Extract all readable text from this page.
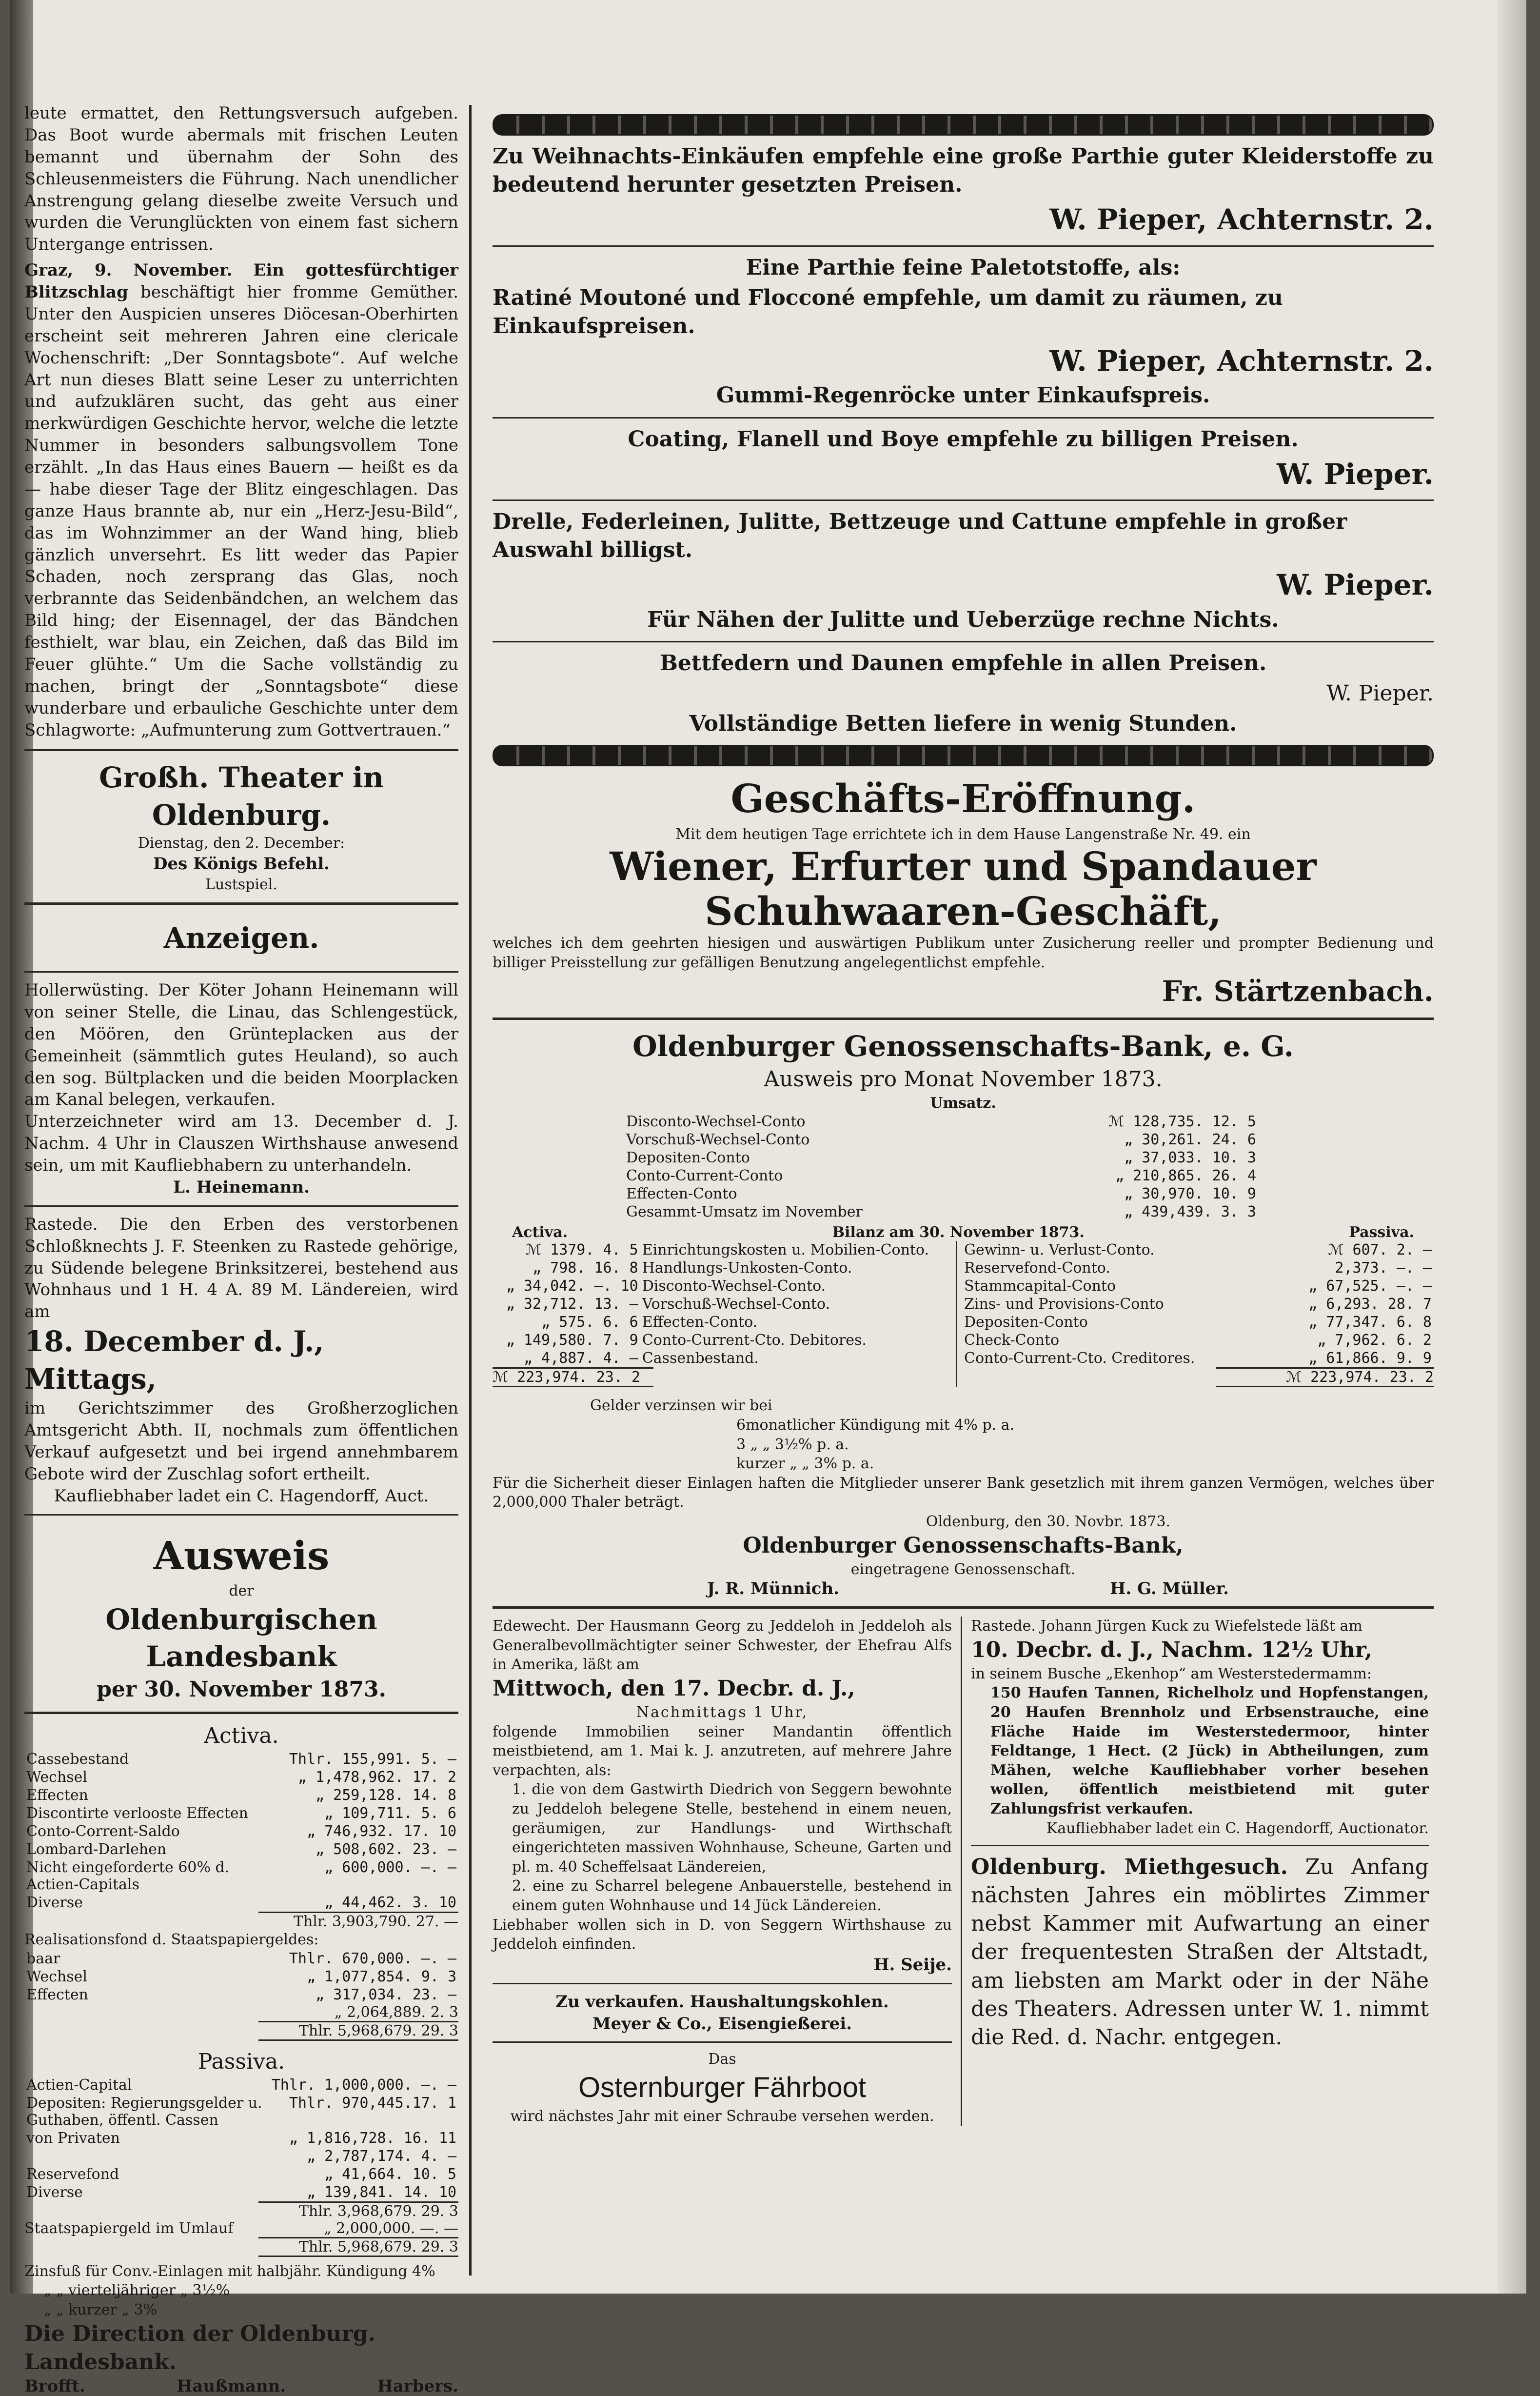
leute ermattet, den Rettungsversuch aufgeben. Das Boot wurde abermals mit frischen Leuten bemannt und übernahm der Sohn des Schleusenmeisters die Führung. Nach unendlicher Anstrengung gelang dieselbe zweite Versuch und wurden die Verunglückten von einem fast sichern Untergange entrissen.

Graz, 9. November. Ein gottesfürchtiger Blitzschlag beschäftigt hier fromme Gemüther. Unter den Auspicien unseres Diöcesan-Oberhirten erscheint seit mehreren Jahren eine clericale Wochenschrift: „Der Sonntagsbote“. Auf welche Art nun dieses Blatt seine Leser zu unterrichten und aufzuklären sucht, das geht aus einer merkwürdigen Geschichte hervor, welche die letzte Nummer in besonders salbungsvollem Tone erzählt. „In das Haus eines Bauern — heißt es da — habe dieser Tage der Blitz eingeschlagen. Das ganze Haus brannte ab, nur ein „Herz-Jesu-Bild“, das im Wohnzimmer an der Wand hing, blieb gänzlich unversehrt. Es litt weder das Papier Schaden, noch zersprang das Glas, noch verbrannte das Seidenbändchen, an welchem das Bild hing; der Eisennagel, der das Bändchen festhielt, war blau, ein Zeichen, daß das Bild im Feuer glühte.“ Um die Sache vollständig zu machen, bringt der „Sonntagsbote“ diese wunderbare und erbauliche Geschichte unter dem Schlagworte: „Aufmunterung zum Gottvertrauen.“

Großh. Theater in Oldenburg.

Dienstag, den 2. December:

Des Königs Befehl.

Lustspiel.

Anzeigen.

Hollerwüsting. Der Köter Johann Heinemann will von seiner Stelle, die Linau, das Schlengestück, den Möören, den Grünteplacken aus der Gemeinheit (sämmtlich gutes Heuland), so auch den sog. Bültplacken und die beiden Moorplacken am Kanal belegen, verkaufen.

Unterzeichneter wird am 13. December d. J. Nachm. 4 Uhr in Clauszen Wirthshause anwesend sein, um mit Kaufliebhabern zu unterhandeln.

L. Heinemann.

Rastede. Die den Erben des verstorbenen Schloßknechts J. F. Steenken zu Rastede gehörige, zu Südende belegene Brinksitzerei, bestehend aus Wohnhaus und 1 H. 4 A. 89 M. Ländereien, wird am

18. December d. J., Mittags,

im Gerichtszimmer des Großherzoglichen Amtsgericht Abth. II, nochmals zum öffentlichen Verkauf aufgesetzt und bei irgend annehmbarem Gebote wird der Zuschlag sofort ertheilt.

Kaufliebhaber ladet ein C. Hagendorff, Auct.

Ausweis

der

Oldenburgischen Landesbank

per 30. November 1873.

Activa.

Cassebestand	Thlr. 155,991. 5. —
Wechsel	„ 1,478,962. 17. 2
Effecten	„ 259,128. 14. 8
Discontirte verlooste Effecten	„ 109,711. 5. 6
Conto-Corrent-Saldo	„ 746,932. 17. 10
Lombard-Darlehen	„ 508,602. 23. —
Nicht eingeforderte 60% d. Actien-Capitals	„ 600,000. —. —
Diverse	„ 44,462. 3. 10
Thlr. 3,903,790. 27. —

Realisationsfond d. Staatspapiergeldes:

baar	Thlr. 670,000. —. —
Wechsel	„ 1,077,854. 9. 3
Effecten	„ 317,034. 23. —
„ 2,064,889. 2. 3
Thlr. 5,968,679. 29. 3

Passiva.

Actien-Capital	Thlr. 1,000,000. —. —
Depositen: Regierungsgelder u. Guthaben, öffentl. Cassen	Thlr. 970,445.17. 1
von Privaten	„ 1,816,728. 16. 11
	„ 2,787,174. 4. —
Reservefond	„ 41,664. 10. 5
Diverse	„ 139,841. 14. 10
Thlr. 3,968,679. 29. 3
Staatspapiergeld im Umlauf	„ 2,000,000. —. —
Thlr. 5,968,679. 29. 3

Zinsfuß für Conv.-Einlagen mit halbjähr. Kündigung 4%

„ „ vierteljähriger „ 3½%

„ „ kurzer „ 3%

Die Direction der Oldenburg. Landesbank.

Brofft.	Haußmann.	Harbers.

Zu Weihnachts-Einkäufen empfehle eine große Parthie guter Kleiderstoffe zu bedeutend herunter gesetzten Preisen.

W. Pieper, Achternstr. 2.

Eine Parthie feine Paletotstoffe, als:

Ratiné Moutoné und Flocconé empfehle, um damit zu räumen, zu Einkaufspreisen.

W. Pieper, Achternstr. 2.

Gummi-Regenröcke unter Einkaufspreis.

Coating, Flanell und Boye empfehle zu billigen Preisen.

W. Pieper.

Drelle, Federleinen, Julitte, Bettzeuge und Cattune empfehle in großer Auswahl billigst.

W. Pieper.

Für Nähen der Julitte und Ueberzüge rechne Nichts.

Bettfedern und Daunen empfehle in allen Preisen.

W. Pieper.

Vollständige Betten liefere in wenig Stunden.

Geschäfts-Eröffnung.

Mit dem heutigen Tage errichtete ich in dem Hause Langenstraße Nr. 49. ein

Wiener, Erfurter und Spandauer Schuhwaaren-Geschäft,

welches ich dem geehrten hiesigen und auswärtigen Publikum unter Zusicherung reeller und prompter Bedienung und billiger Preisstellung zur gefälligen Benutzung angelegentlichst empfehle.

Fr. Stärtzenbach.

Oldenburger Genossenschafts-Bank, e. G.

Ausweis pro Monat November 1873.

Umsatz.

Disconto-Wechsel-Conto	ℳ 128,735. 12. 5
Vorschuß-Wechsel-Conto	„ 30,261. 24. 6
Depositen-Conto	„ 37,033. 10. 3
Conto-Current-Conto	„ 210,865. 26. 4
Effecten-Conto	„ 30,970. 10. 9
Gesammt-Umsatz im November	„ 439,439. 3. 3
Activa.	Bilanz am 30. November 1873.	Passiva.
ℳ 1379. 4. 5	Einrichtungskosten u. Mobilien-Conto.
„ 798. 16. 8	Handlungs-Unkosten-Conto.
„ 34,042. —. 10	Disconto-Wechsel-Conto.
„ 32,712. 13. —	Vorschuß-Wechsel-Conto.
„ 575. 6. 6	Effecten-Conto.
„ 149,580. 7. 9	Conto-Current-Cto. Debitores.
„ 4,887. 4. —	Cassenbestand.
ℳ 223,974. 23. 2
Gewinn- u. Verlust-Conto.	ℳ 607. 2. —
Reservefond-Conto.	2,373. —. —
Stammcapital-Conto	„ 67,525. —. —
Zins- und Provisions-Conto	„ 6,293. 28. 7
Depositen-Conto	„ 77,347. 6. 8
Check-Conto	„ 7,962. 6. 2
Conto-Current-Cto. Creditores.	„ 61,866. 9. 9
ℳ 223,974. 23. 2

Gelder verzinsen wir bei

6monatlicher Kündigung mit 4% p. a.

3 „ „ 3½% p. a.

kurzer „ „ 3% p. a.

Für die Sicherheit dieser Einlagen haften die Mitglieder unserer Bank gesetzlich mit ihrem ganzen Vermögen, welches über 2,000,000 Thaler beträgt.

Oldenburg, den 30. Novbr. 1873.

Oldenburger Genossenschafts-Bank,

eingetragene Genossenschaft.

J. R. Münnich.	H. G. Müller.

Edewecht. Der Hausmann Georg zu Jeddeloh in Jeddeloh als Generalbevollmächtigter seiner Schwester, der Ehefrau Alfs in Amerika, läßt am

Mittwoch, den 17. Decbr. d. J.,

Nachmittags 1 Uhr,

folgende Immobilien seiner Mandantin öffentlich meistbietend, am 1. Mai k. J. anzutreten, auf mehrere Jahre verpachten, als:

1. die von dem Gastwirth Diedrich von Seggern bewohnte zu Jeddeloh belegene Stelle, bestehend in einem neuen, geräumigen, zur Handlungs- und Wirthschaft eingerichteten massiven Wohnhause, Scheune, Garten und pl. m. 40 Scheffelsaat Ländereien,

2. eine zu Scharrel belegene Anbauerstelle, bestehend in einem guten Wohnhause und 14 Jück Ländereien.

Liebhaber wollen sich in D. von Seggern Wirthshause zu Jeddeloh einfinden.

H. Seije.

Zu verkaufen. Haushaltungskohlen.

Meyer & Co., Eisengießerei.

Das

Osternburger Fährboot

wird nächstes Jahr mit einer Schraube versehen werden.

Rastede. Johann Jürgen Kuck zu Wiefelstede läßt am

10. Decbr. d. J., Nachm. 12½ Uhr,

in seinem Busche „Ekenhop“ am Westerstedermamm:

150 Haufen Tannen, Richelholz und Hopfenstangen, 20 Haufen Brennholz und Erbsenstrauche, eine Fläche Haide im Westerstedermoor, hinter Feldtange, 1 Hect. (2 Jück) in Abtheilungen, zum Mähen, welche Kaufliebhaber vorher besehen wollen, öffentlich meistbietend mit guter Zahlungsfrist verkaufen.

Kaufliebhaber ladet ein C. Hagendorff, Auctionator.

Oldenburg. Miethgesuch. Zu Anfang nächsten Jahres ein möblirtes Zimmer nebst Kammer mit Aufwartung an einer der frequentesten Straßen der Altstadt, am liebsten am Markt oder in der Nähe des Theaters. Adressen unter W. 1. nimmt die Red. d. Nachr. entgegen.
